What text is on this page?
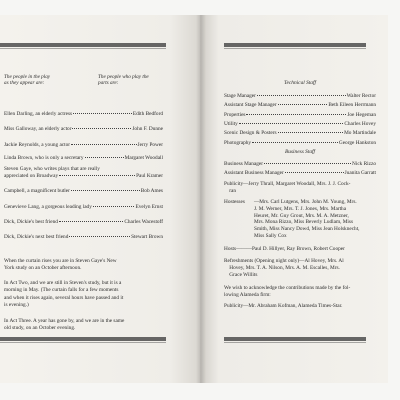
The people in the play
as they appear are:
The people who play the
parts are:
Ellen Darling, an elderly actress	Edith Bedford
Miss Galloway, an elderly actor	John F. Dunne
Jackie Reynolds, a young actor	Jerry Power
Linda Brown, who is only a secretary	Margaret Woodall
Steven Gaye, who writes plays that are really
appreciated on Broadway	Paul Kramer
Campbell, a magnificent butler	Bob Ames
Genevieve Lang, a gorgeous leading lady	Evelyn Ernst
Dick, Dickie's best friend	Charles Wacestoff
Dick, Dickie's next best friend	Stewart Brown
When the curtain rises you are in Steven Gaye's New
York study on an October afternoon.
In Act Two, and we are still in Steven's study, but it is a
morning in May. (The curtain falls for a few moments
and when it rises again, several hours have passed and it
is evening.)
In Act Three. A year has gone by, and we are in the same
old study, on an October evening.
Technical Staff
Stage Manager	Walter Rector
Assistant Stage Manager	Beth Eileen Herrmann
Properties	Joe Hegeman
Utility	Charles Hovey
Scenic Design & Posters	Mo Martindale
Photography	George Hankston
Business Staff
Business Manager	Nick Rizzo
Assistant Business Manager	Juanita Garratt
Publicity—Jerry Thrall, Margaret Woodall, Mrs. J. J. Cock-
ran
Hostesses	—Mrs. Carl Lutgens, Mrs. John M. Young, Mrs.
J. M. Werner, Mrs. T. J. Jones, Mrs. Martha
Heuret, Mr. Guy Grout, Mrs. M. A. Metzner,
Mrs. Mona Rizzo, Miss Beverly Ludlam, Miss
Smith, Miss Nancy Dowd, Miss Jean Holsknecht,
Miss Sally Cox
Hosts———Paul D. Hillyer, Ray Brown, Robert Cooper
Refreshments (Opening night only)—Al Hovey, Mrs. Al
Hovey, Mrs. T. A. Nilson, Mrs. A. M. Escalles, Mrs.
Grace Willits
We wish to acknowledge the contributions made by the fol-
lowing Alameda firm:
Publicity—Mr. Abraham Kofman, Alameda Times-Star.
